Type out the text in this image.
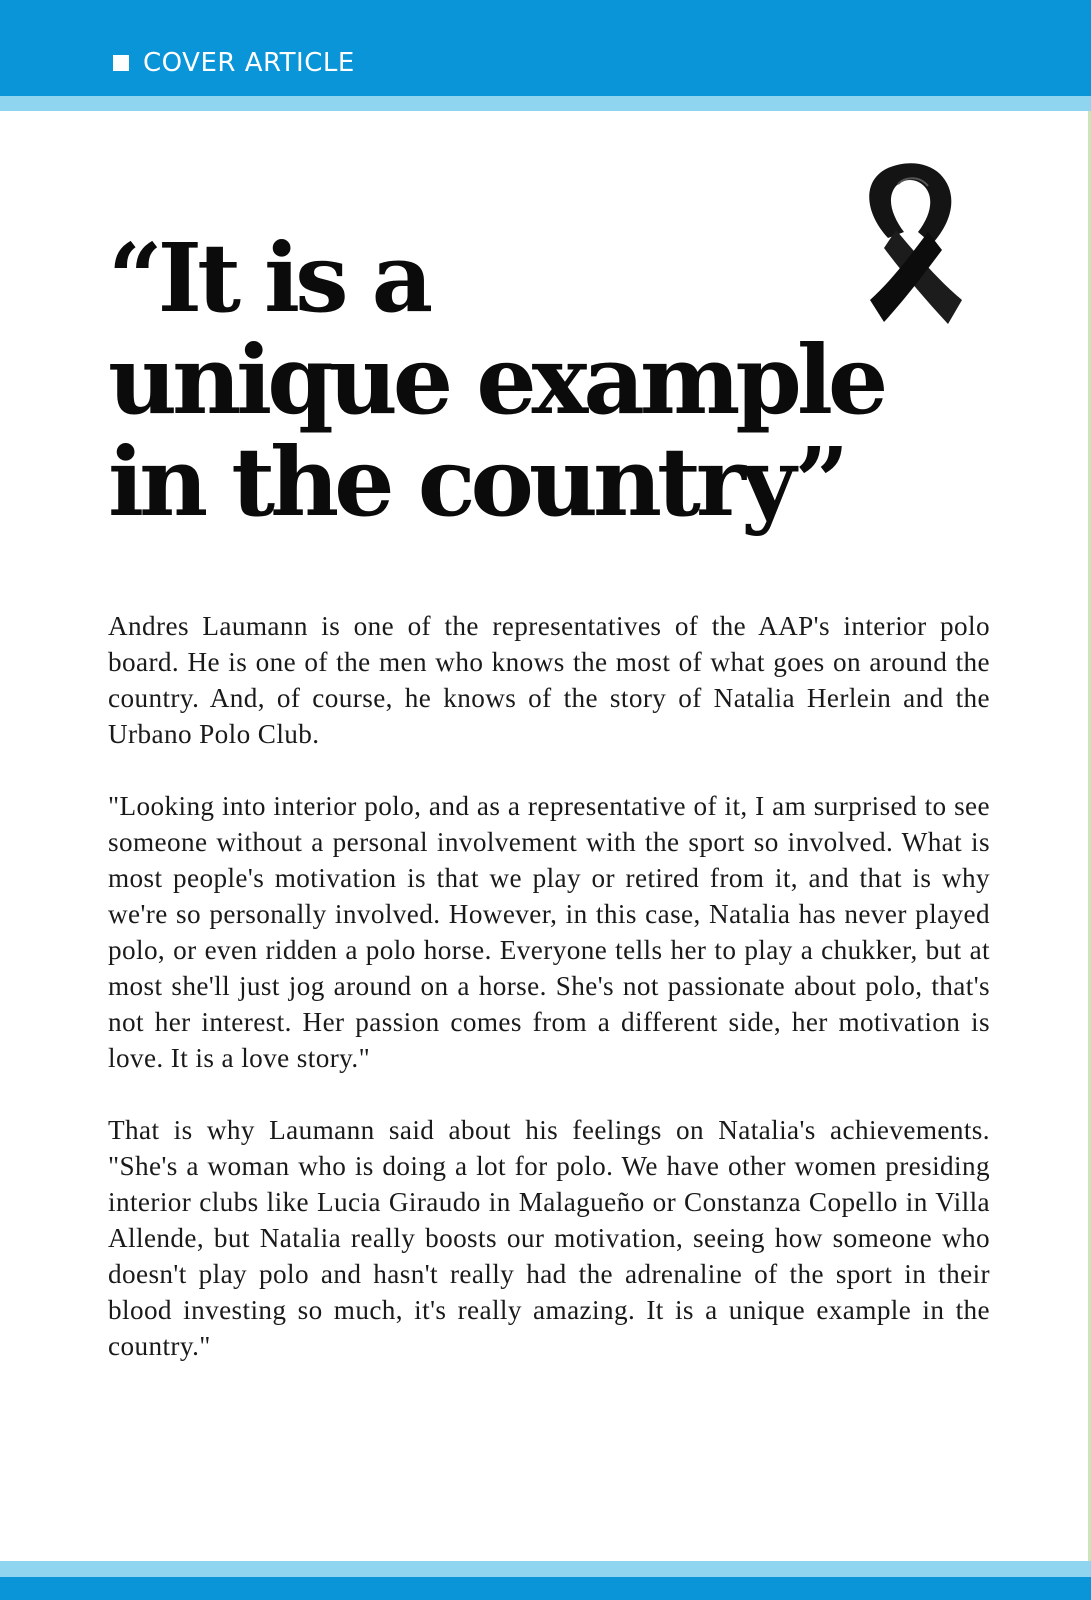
COVER ARTICLE
“It is a
unique example
in the country”

Andres Laumann is one of the representatives of the AAP's interior polo board. He is one of the men who knows the most of what goes on around the country. And, of course, he knows of the story of Natalia Herlein and the Urbano Polo Club.

"Looking into interior polo, and as a representative of it, I am surprised to see someone without a personal involvement with the sport so involved. What is most people's motivation is that we play or retired from it, and that is why we're so personally involved. However, in this case, Natalia has never played polo, or even ridden a polo horse. Everyone tells her to play a chukker, but at most she'll just jog around on a horse. She's not passionate about polo, that's not her interest. Her passion comes from a different side, her motivation is love. It is a love story."

That is why Laumann said about his feelings on Natalia's achievements. "She's a woman who is doing a lot for polo. We have other women presiding interior clubs like Lucia Giraudo in Malagueño or Constanza Copello in Villa Allende, but Natalia really boosts our motivation, seeing how someone who doesn't play polo and hasn't really had the adrenaline of the sport in their blood investing so much, it's really amazing. It is a unique example in the country."
